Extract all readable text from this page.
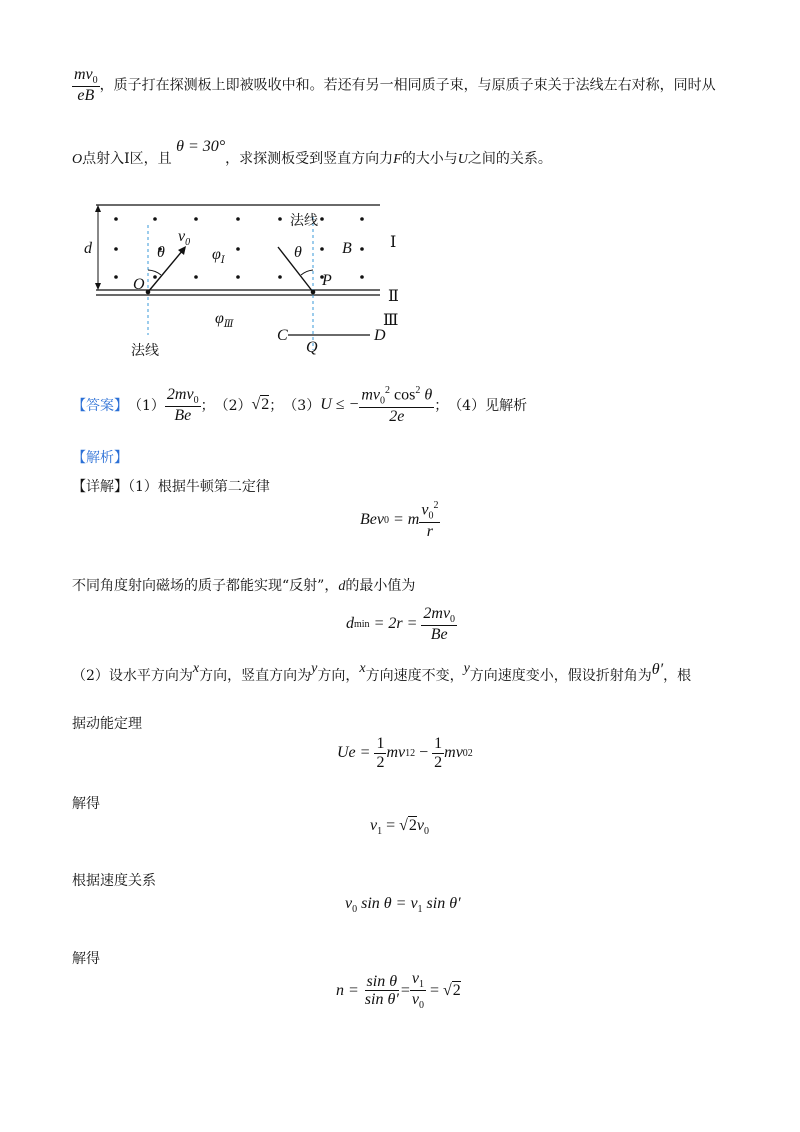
$\frac{mv_0}{eB}$ ，质子打在探测板上即被吸收中和。若还有另一相同质子束，与原质子束关于法线左右对称，同时从
O点射入Ⅰ区，且 θ = 30°，求探测板受到竖直方向力F的大小与U之间的关系。
d
$v_0$
θ	$\varphi_Ⅰ$
法线
θ	B Ⅰ
O	P
Ⅱ
$\varphi_Ⅲ$	Ⅲ
C	D
Q
法线
【答案】 $(1) \frac{2mv_0}{Be}$ ； （2） √2 ； （3） U ≤ − $\frac{mv_0^2 \cos^2 \theta}{2e}$ ； （4）见解析
【解析】
【详解】（1）根据牛顿第二定律
Bev 0
= m $\frac{v_0^2}{r}$
不同角度射向磁场的质子都能实现“反射”，d的最小值为
d min
= 2r =
$\frac{2mv_0}{Be}$
（2）设水平方向为x方向，竖直方向为y方向，x方向速度不变，y方向速度变小，假设折射角为θ′，根
据动能定理
Ue =
$\frac{1}{2}$ mv 1 2
−
$\frac{1}{2}$ mv 0 2
解得
$v_1 = √2v_0$
根据速度关系
$v_0$ $\sin \theta = v_1$ sin θ′
解得
n =
$\frac{\text{sin θ}}{\text{sin θ′}} = \frac{v_1}{v_0}$ = √ 2
